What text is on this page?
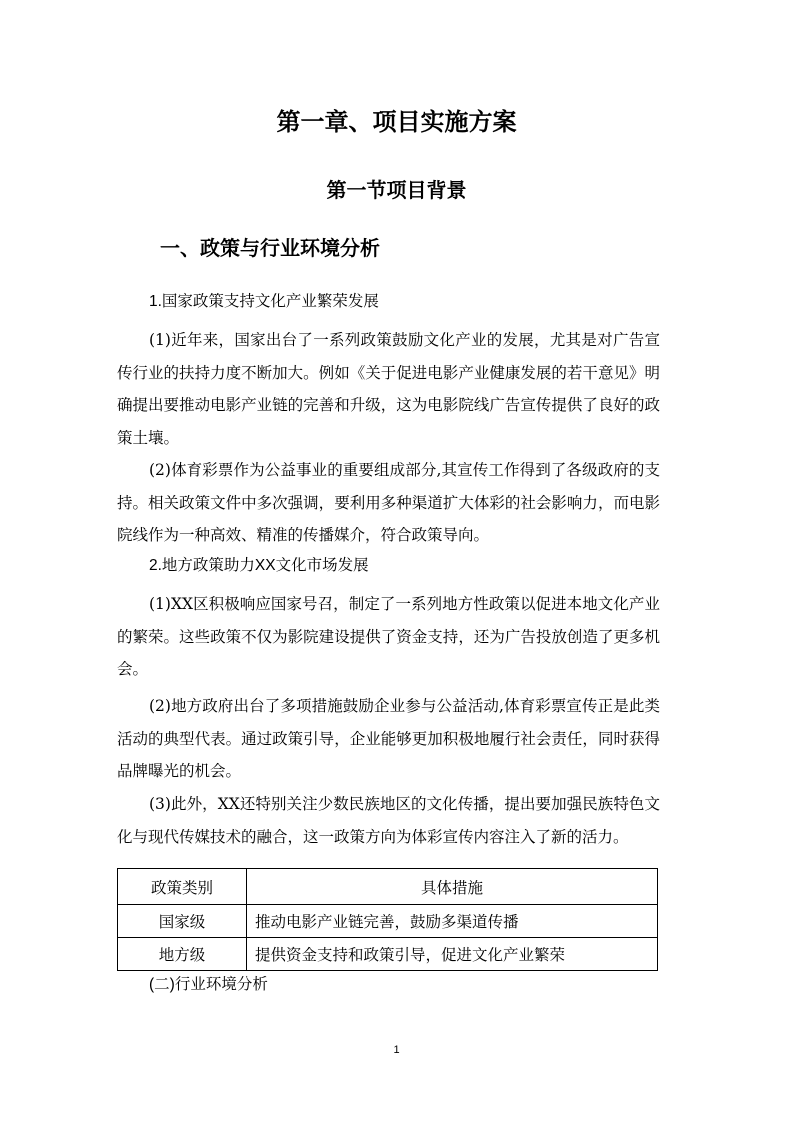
第一章、项目实施方案
第一节项目背景
一、政策与行业环境分析
1.国家政策支持文化产业繁荣发展

(1)近年来，国家出台了一系列政策鼓励文化产业的发展，尤其是对广告宣传行业的扶持力度不断加大。例如《关于促进电影产业健康发展的若干意见》明确提出要推动电影产业链的完善和升级，这为电影院线广告宣传提供了良好的政策土壤。

(2)体育彩票作为公益事业的重要组成部分,其宣传工作得到了各级政府的支持。相关政策文件中多次强调，要利用多种渠道扩大体彩的社会影响力，而电影院线作为一种高效、精准的传播媒介，符合政策导向。

2.地方政策助力XX文化市场发展

(1)XX区积极响应国家号召，制定了一系列地方性政策以促进本地文化产业的繁荣。这些政策不仅为影院建设提供了资金支持，还为广告投放创造了更多机会。

(2)地方政府出台了多项措施鼓励企业参与公益活动,体育彩票宣传正是此类活动的典型代表。通过政策引导，企业能够更加积极地履行社会责任，同时获得品牌曝光的机会。

(3)此外，XX还特别关注少数民族地区的文化传播，提出要加强民族特色文化与现代传媒技术的融合，这一政策方向为体彩宣传内容注入了新的活力。

政策类别	具体措施
国家级	推动电影产业链完善，鼓励多渠道传播
地方级	提供资金支持和政策引导，促进文化产业繁荣
(二)行业环境分析
1
